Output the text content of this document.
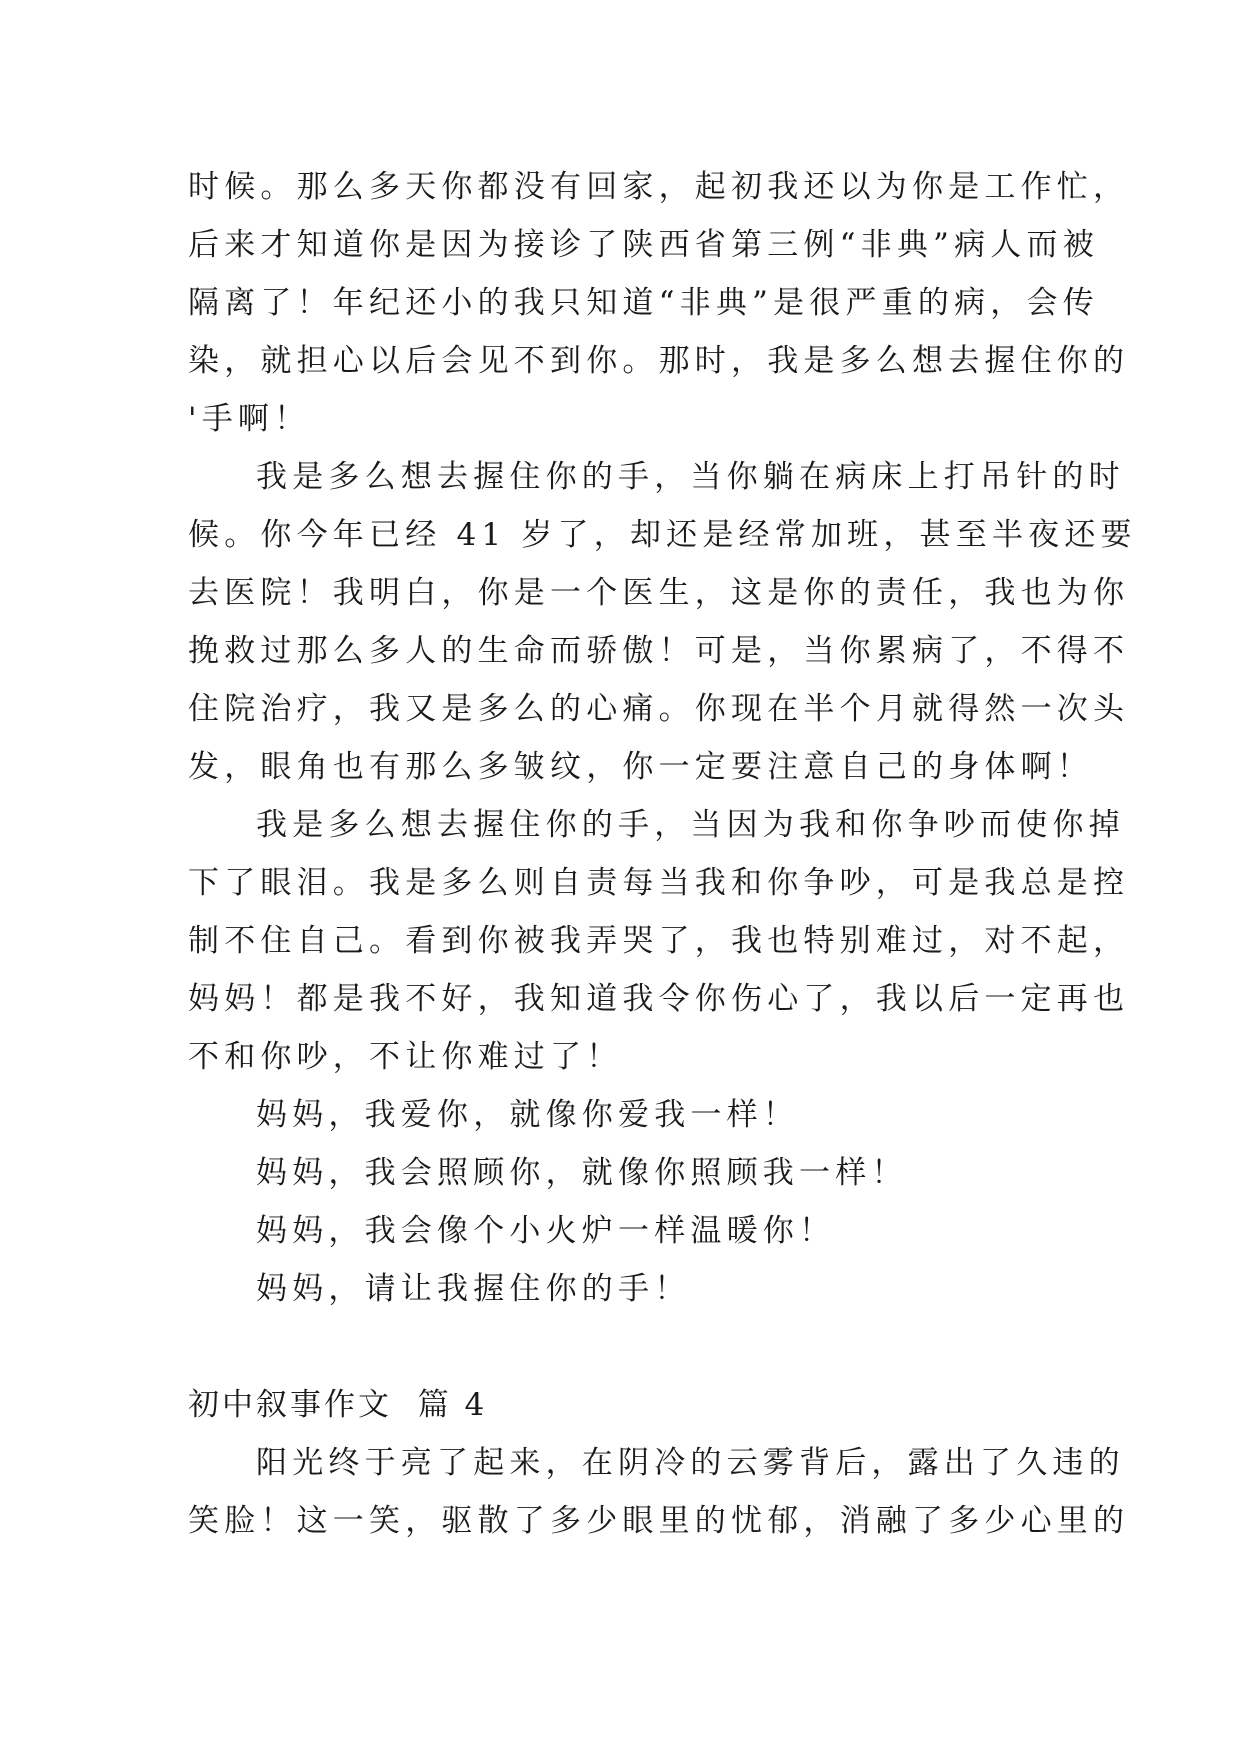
时候。那么多天你都没有回家，起初我还以为你是工作忙，
后来才知道你是因为接诊了陕西省第三例“非典”病人而被
隔离了！年纪还小的我只知道“非典”是很严重的病，会传
染，就担心以后会见不到你。那时，我是多么想去握住你的
'手啊！
我是多么想去握住你的手，当你躺在病床上打吊针的时
候。你今年已经 41 岁了，却还是经常加班，甚至半夜还要
去医院！我明白，你是一个医生，这是你的责任，我也为你
挽救过那么多人的生命而骄傲！可是，当你累病了，不得不
住院治疗，我又是多么的心痛。你现在半个月就得然一次头
发，眼角也有那么多皱纹，你一定要注意自己的身体啊！
我是多么想去握住你的手，当因为我和你争吵而使你掉
下了眼泪。我是多么则自责每当我和你争吵，可是我总是控
制不住自己。看到你被我弄哭了，我也特别难过，对不起，
妈妈！都是我不好，我知道我令你伤心了，我以后一定再也
不和你吵，不让你难过了！
妈妈，我爱你，就像你爱我一样！
妈妈，我会照顾你，就像你照顾我一样！
妈妈，我会像个小火炉一样温暖你！
妈妈，请让我握住你的手！
初中叙事作文  篇 4
阳光终于亮了起来，在阴冷的云雾背后，露出了久违的
笑脸！这一笑，驱散了多少眼里的忧郁，消融了多少心里的
